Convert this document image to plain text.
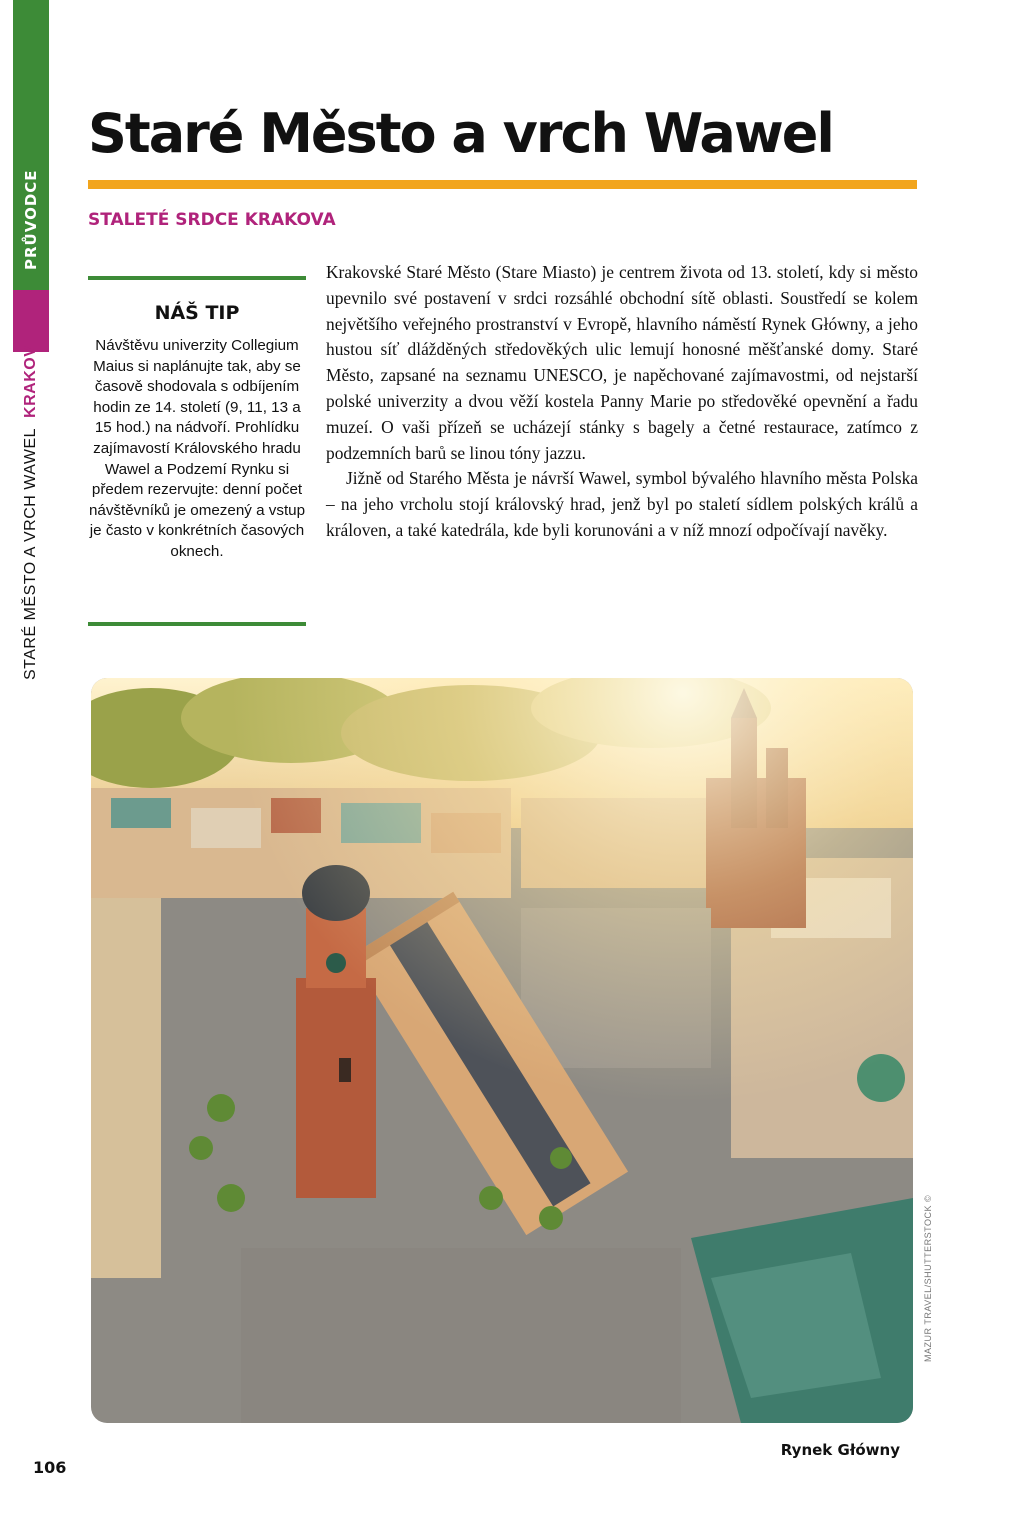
PRŮVODCE
STARÉ MĚSTO A VRCH WAWELKRAKOV
Staré Město a vrch Wawel
STALETÉ SRDCE KRAKOVA
NÁŠ TIP
Návštěvu univerzity Collegium Maius si naplánujte tak, aby se časově shodovala s odbíjením hodin ze 14. století (9, 11, 13 a 15 hod.) na nádvoří. Prohlídku zajímavostí Královského hradu Wawel a Podzemí Rynku si předem rezervujte: denní počet návštěvníků je omezený a vstup je často v konkrétních časových oknech.

Krakovské Staré Město (Stare Miasto) je centrem života od 13. století, kdy si město upevnilo své postavení v srdci rozsáhlé obchodní sítě oblasti. Soustředí se kolem největšího veřejného prostranství v Evropě, hlavního náměstí Rynek Główny, a jeho hustou síť dlážděných středověkých ulic lemují honosné měšťanské domy. Staré Město, zapsané na seznamu UNESCO, je napěchované zajímavostmi, od nejstarší polské univerzity a dvou věží kostela Panny Marie po středověké opevnění a řadu muzeí. O vaši přízeň se ucházejí stánky s bagely a četné restaurace, zatímco z podzemních barů se linou tóny jazzu.

Jižně od Starého Města je návrší Wawel, symbol bývalého hlavního města Polska – na jeho vrcholu stojí královský hrad, jenž byl po staletí sídlem polských králů a královen, a také katedrála, kde byli korunováni a v níž mnozí odpočívají navěky.

MAZUR TRAVEL/SHUTTERSTOCK ©
Rynek Główny
106
